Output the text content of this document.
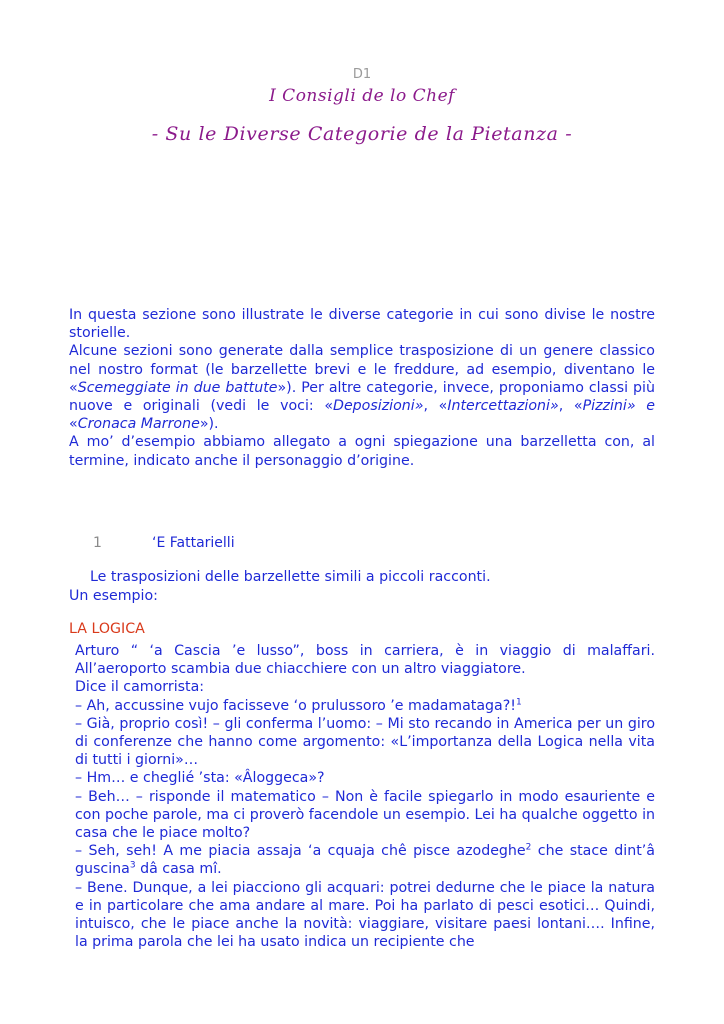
D1
I Consigli de lo Chef
- Su le Diverse Categorie de la Pietanza -

In questa sezione sono illustrate le diverse categorie in cui sono divise le nostre storielle.

Alcune sezioni sono generate dalla semplice trasposizione di un genere classico nel nostro format (le barzellette brevi e le freddure, ad esempio, diventano le «Scemeggiate in due battute»). Per altre categorie, invece, proponiamo classi più nuove e originali (vedi le voci: «Deposizioni», «Intercettazioni», «Pizzini» e «Cronaca Marrone»).

A mo’ d’esempio abbiamo allegato a ogni spiegazione una barzelletta con, al termine, indicato anche il personaggio d’origine.

1	‘E Fattarielli

Le trasposizioni delle barzellette simili a piccoli racconti.

Un esempio:

LA LOGICA

Arturo “ ‘a Cascia ’e lusso”, boss in carriera, è in viaggio di malaffari. All’aeroporto scambia due chiacchiere con un altro viaggiatore.

Dice il camorrista:

– Ah, accussine vujo facisseve ‘o prulussoro ’e madamataga?!$^1$

– Già, proprio così! – gli conferma l’uomo: – Mi sto recando in America per un giro di conferenze che hanno come argomento: «L’importanza della Logica nella vita di tutti i giorni»…

– Hm… e cheglié ’sta: «Âloggeca»?

– Beh… – risponde il matematico – Non è facile spiegarlo in modo esauriente e con poche parole, ma ci proverò facendole un esempio. Lei ha qualche oggetto in casa che le piace molto?

– Seh, seh! A me piacia assaja ‘a cquaja chê pisce azodeghe$^2$ che stace dint’â guscina$^3$ dâ casa mî.

– Bene. Dunque, a lei piacciono gli acquari: potrei dedurne che le piace la natura e in particolare che ama andare al mare. Poi ha parlato di pesci esotici… Quindi, intuisco, che le piace anche la novità: viaggiare, visitare paesi lontani…. Infine, la prima parola che lei ha usato indica un recipiente che
